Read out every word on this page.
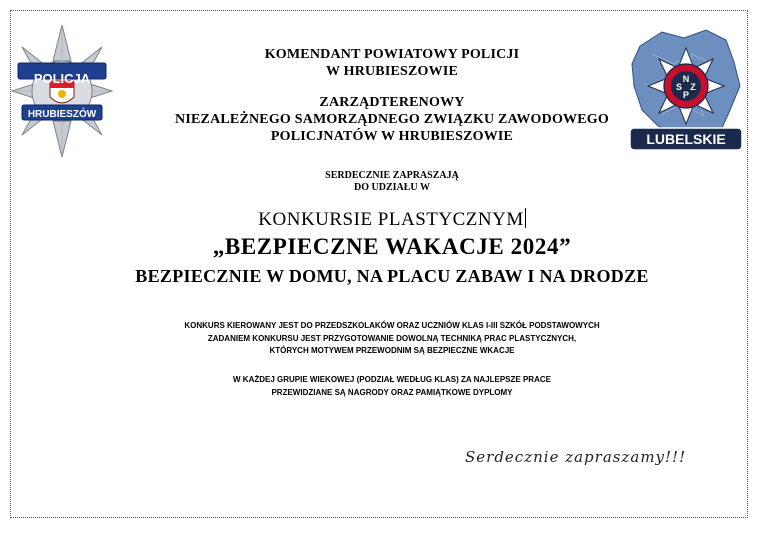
POLICJA
HRUBIESZÓW
N
S Z
P
LUBELSKIE
KOMENDANT POWIATOWY POLICJI
W HRUBIESZOWIE
ZARZĄDTERENOWY
NIEZALEŻNEGO SAMORZĄDNEGO ZWIĄZKU ZAWODOWEGO
POLICJNATÓW W HRUBIESZOWIE
SERDECZNIE ZAPRASZAJĄ
DO UDZIAŁU W
KONKURSIE PLASTYCZNYM
„BEZPIECZNE WAKACJE 2024”
BEZPIECZNIE W DOMU, NA PLACU ZABAW I NA DRODZE
KONKURS KIEROWANY JEST DO PRZEDSZKOLAKÓW ORAZ UCZNIÓW KLAS I-III SZKÓŁ PODSTAWOWYCH
ZADANIEM KONKURSU JEST PRZYGOTOWANIE DOWOLNĄ TECHNIKĄ PRAC PLASTYCZNYCH,
KTÓRYCH MOTYWEM PRZEWODNIM SĄ BEZPIECZNE WKACJE
W KAŻDEJ GRUPIE WIEKOWEJ (PODZIAŁ WEDŁUG KLAS) ZA NAJLEPSZE PRACE
PRZEWIDZIANE SĄ NAGRODY ORAZ PAMIĄTKOWE DYPLOMY
Serdecznie zapraszamy!!!
